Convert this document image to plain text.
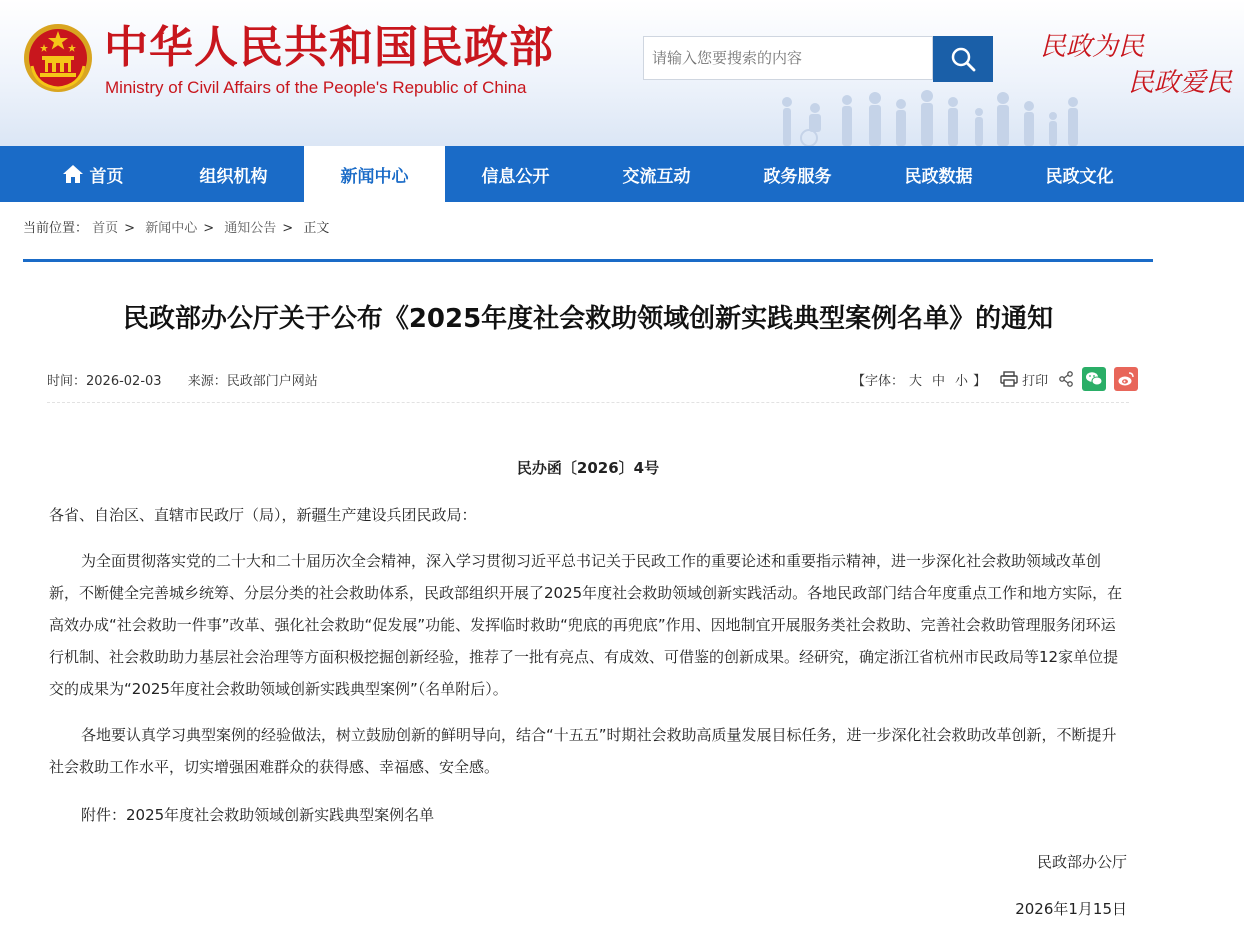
中华人民共和国民政部
Ministry of Civil Affairs of the People's Republic of China
请输入您要搜索的内容
民政为民
民政爱民
首页	组织机构	新闻中心	信息公开	交流互动	政务服务	民政数据	民政文化
当前位置： 首页 > 新闻中心 > 通知公告 > 正文
民政部办公厅关于公布《2025年度社会救助领域创新实践典型案例名单》的通知
时间：2026-02-03 来源：民政部门户网站	【字体： 大 中 小 】	打印
民办函〔2026〕4号
各省、自治区、直辖市民政厅（局），新疆生产建设兵团民政局：
为全面贯彻落实党的二十大和二十届历次全会精神，深入学习贯彻习近平总书记关于民政工作的重要论述和重要指示精神，进一步深化社会救助领域改革创新，不断健全完善城乡统筹、分层分类的社会救助体系，民政部组织开展了2025年度社会救助领域创新实践活动。各地民政部门结合年度重点工作和地方实际，在高效办成“社会救助一件事”改革、强化社会救助“促发展”功能、发挥临时救助“兜底的再兜底”作用、因地制宜开展服务类社会救助、完善社会救助管理服务闭环运行机制、社会救助助力基层社会治理等方面积极挖掘创新经验，推荐了一批有亮点、有成效、可借鉴的创新成果。经研究，确定浙江省杭州市民政局等12家单位提交的成果为“2025年度社会救助领域创新实践典型案例”（名单附后）。
各地要认真学习典型案例的经验做法，树立鼓励创新的鲜明导向，结合“十五五”时期社会救助高质量发展目标任务，进一步深化社会救助改革创新，不断提升社会救助工作水平，切实增强困难群众的获得感、幸福感、安全感。
附件：2025年度社会救助领域创新实践典型案例名单
民政部办公厅
2026年1月15日
